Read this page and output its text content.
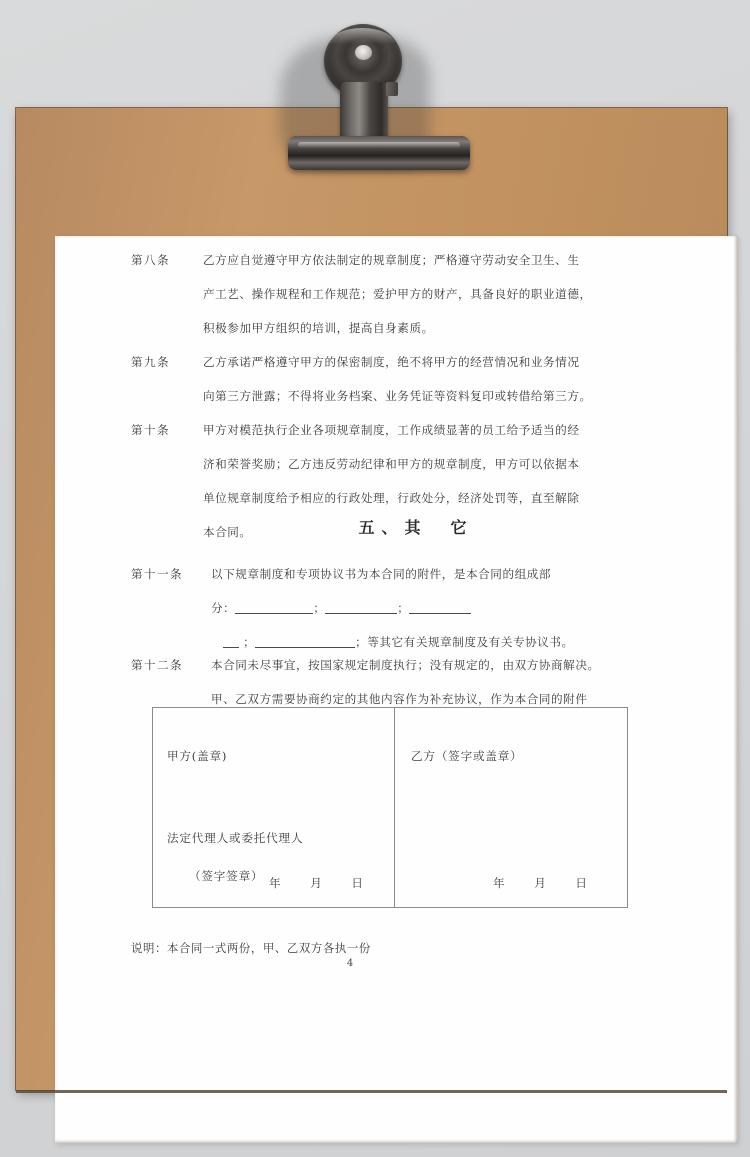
第八条	乙方应自觉遵守甲方依法制定的规章制度；严格遵守劳动安全卫生、生
产工艺、操作规程和工作规范；爱护甲方的财产，具备良好的职业道德，
积极参加甲方组织的培训，提高自身素质。
第九条	乙方承诺严格遵守甲方的保密制度，绝不将甲方的经营情况和业务情况
向第三方泄露；不得将业务档案、业务凭证等资料复印或转借给第三方。
第十条	甲方对模范执行企业各项规章制度，工作成绩显著的员工给予适当的经
济和荣誉奖励；乙方违反劳动纪律和甲方的规章制度，甲方可以依据本
单位规章制度给予相应的行政处理，行政处分，经济处罚等，直至解除
本合同。	五、其　它
第十一条 以下规章制度和专项协议书为本合同的附件，是本合同的组成部
分：	；	；
；	；等其它有关规章制度及有关专协议书。
第十二条 本合同未尽事宜，按国家规定制度执行；没有规定的，由双方协商解决。
甲、乙双方需要协商约定的其他内容作为补充协议，作为本合同的附件
甲方(盖章)
法定代理人或委托代理人
（签字签章） 年　月　日
乙方（签字或盖章）
年　月　日
说明：本合同一式两份，甲、乙双方各执一份
4
